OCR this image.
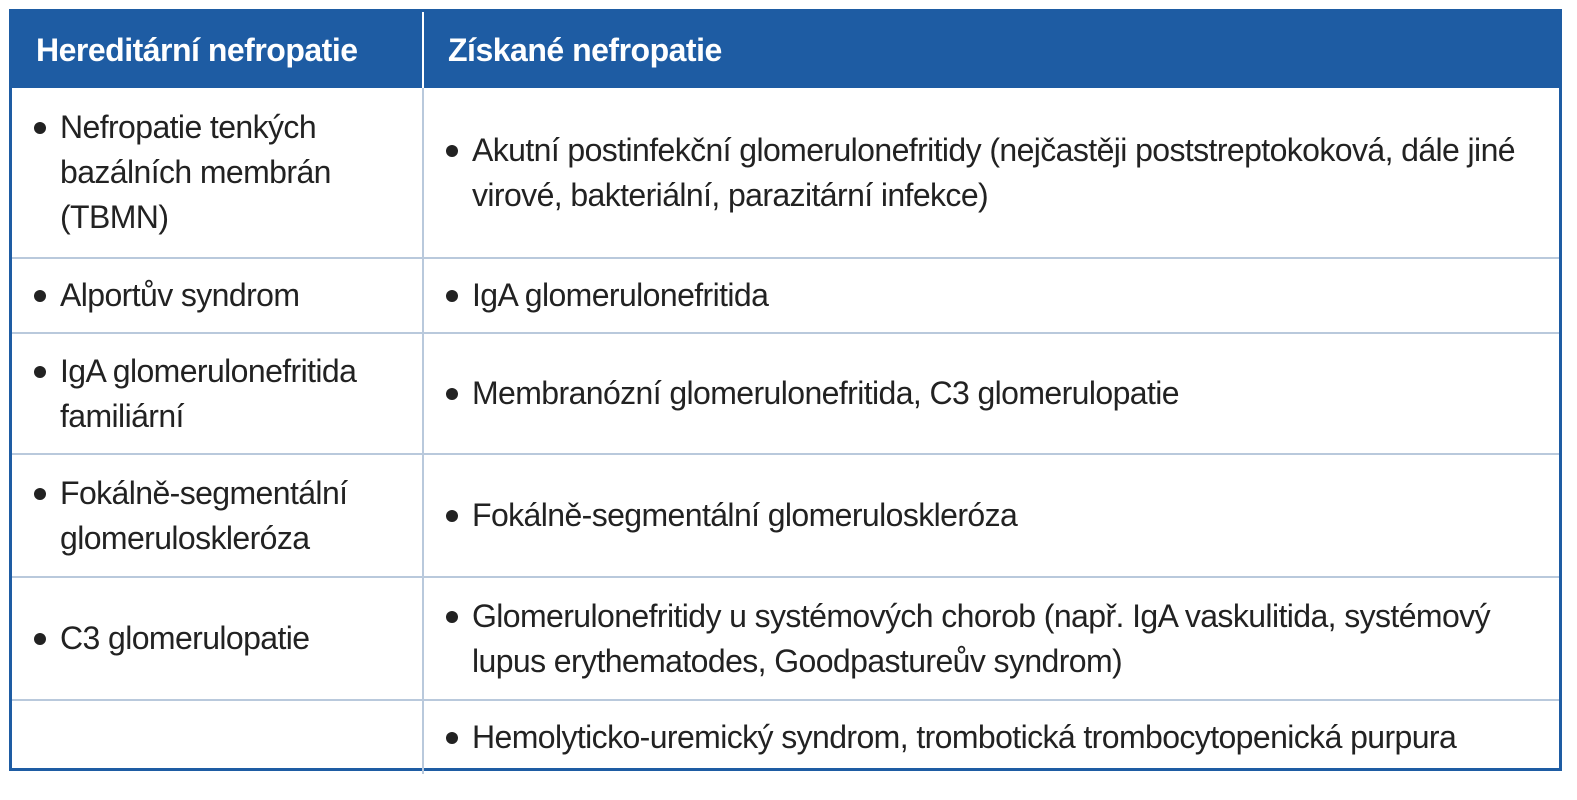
Hereditární nefropatie	Získané nefropatie

Nefropatie tenkých bazálních membrán (TBMN)	Akutní postinfekční glomerulonefritidy (nejčastěji poststreptokoková, dále jiné virové, bakteriální, parazitární infekce)

Alportův syndrom	IgA glomerulonefritida

IgA glomerulonefritida familiární	Membranózní glomerulonefritida, C3 glomerulopatie

Fokálně-segmentální glomeruloskleróza	Fokálně-segmentální glomeruloskleróza

C3 glomerulopatie	Glomerulonefritidy u systémových chorob (např. IgA vaskulitida, systémový lupus erythematodes, Goodpastureův syndrom)

	Hemolyticko-uremický syndrom, trombotická trombocytopenická purpura
